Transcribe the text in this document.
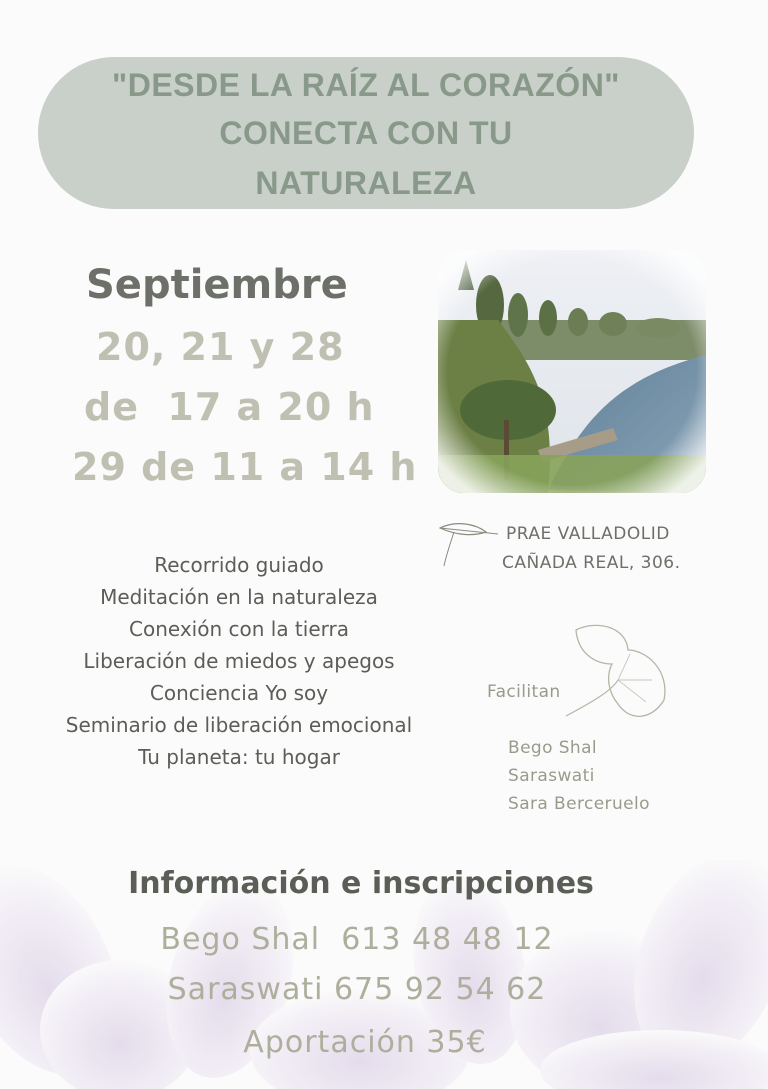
"DESDE LA RAÍZ AL CORAZÓN"
CONECTA CON TU
NATURALEZA
Septiembre
20, 21 y 28
de  17 a 20 h
29 de 11 a 14 h
PRAE VALLADOLID
CAÑADA REAL, 306.
Recorrido guiado
Meditación en la naturaleza
Conexión con la tierra
Liberación de miedos y apegos
Conciencia Yo soy
Seminario de liberación emocional
Tu planeta: tu hogar
Facilitan
Bego Shal
Saraswati
Sara Berceruelo
Información e inscripciones
Bego Shal  613 48 48 12
Saraswati 675 92 54 62
Aportación 35€
